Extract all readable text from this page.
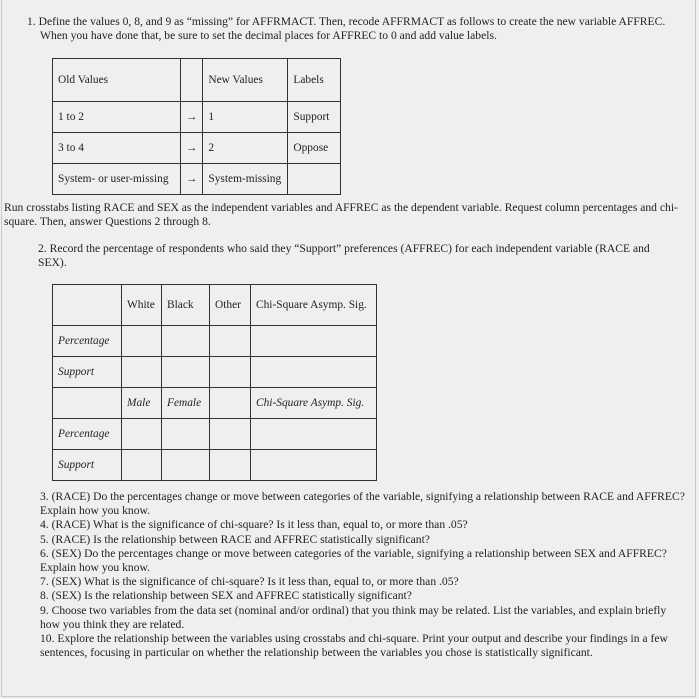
1. Define the values 0, 8, and 9 as “missing” for AFFRMACT. Then, recode AFFRMACT as follows to create the new variable AFFREC.
When you have done that, be sure to set the decimal places for AFFREC to 0 and add value labels.
Old Values		New Values	Labels
1 to 2	→	1	Support
3 to 4	→	2	Oppose
System- or user-missing	→	System-missing	
Run crosstabs listing RACE and SEX as the independent variables and AFFREC as the dependent variable. Request column percentages and chi-square. Then, answer Questions 2 through 8.
2. Record the percentage of respondents who said they “Support” preferences (AFFREC) for each independent variable (RACE and SEX).
	White	Black	Other	Chi-Square Asymp. Sig.
Percentage				
Support				
	Male	Female		Chi-Square Asymp. Sig.
Percentage				
Support				

3. (RACE) Do the percentages change or move between categories of the variable, signifying a relationship between RACE and AFFREC? Explain how you know.

4. (RACE) What is the significance of chi-square? Is it less than, equal to, or more than .05?

5. (RACE) Is the relationship between RACE and AFFREC statistically significant?

6. (SEX) Do the percentages change or move between categories of the variable, signifying a relationship between SEX and AFFREC? Explain how you know.

7. (SEX) What is the significance of chi-square? Is it less than, equal to, or more than .05?

8. (SEX) Is the relationship between SEX and AFFREC statistically significant?

9. Choose two variables from the data set (nominal and/or ordinal) that you think may be related. List the variables, and explain briefly how you think they are related.

10. Explore the relationship between the variables using crosstabs and chi-square. Print your output and describe your findings in a few sentences, focusing in particular on whether the relationship between the variables you chose is statistically significant.
